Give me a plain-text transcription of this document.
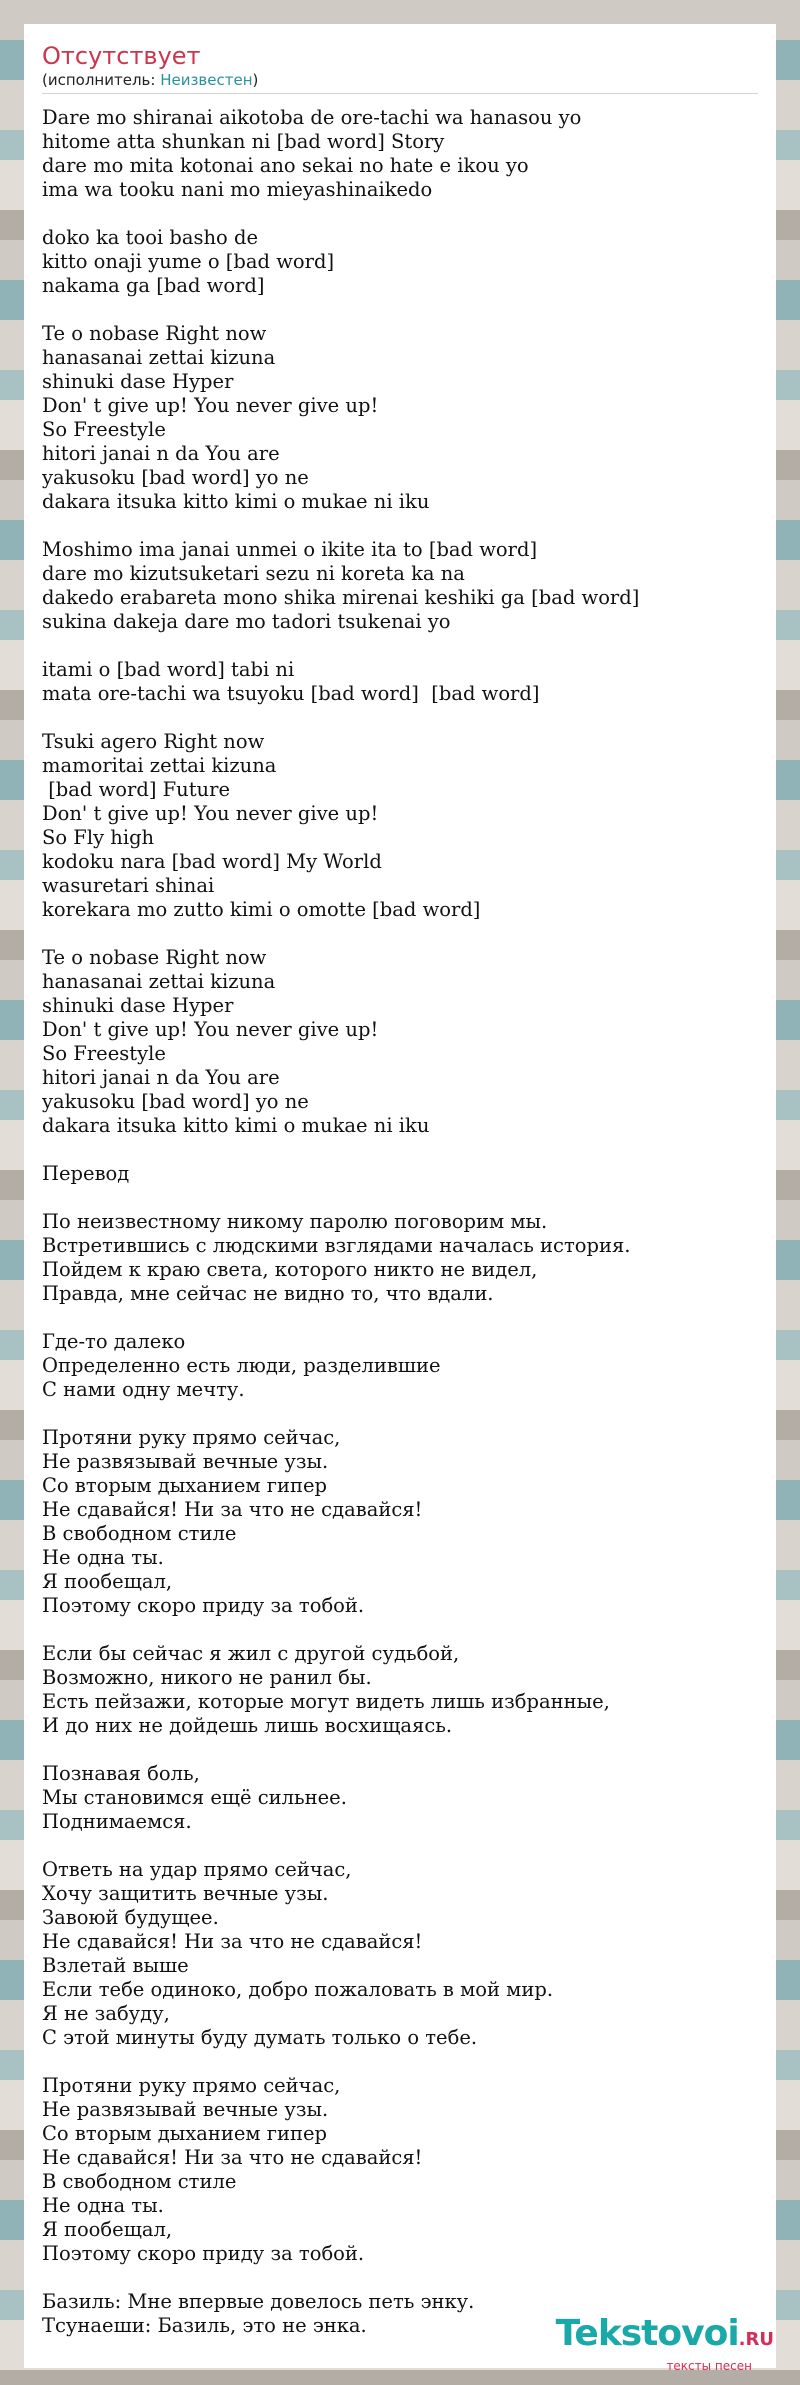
Отсутствует
(исполнитель: Неизвестен)
Dare mo shiranai aikotoba de ore-tachi wa hanasou yo
hitome atta shunkan ni [bad word] Story
dare mo mita kotonai ano sekai no hate e ikou yo
ima wa tooku nani mo mieyashinaikedo
doko ka tooi basho de
kitto onaji yume o [bad word]
nakama ga [bad word]
Te o nobase Right now
hanasanai zettai kizuna
shinuki dase Hyper
Don' t give up! You never give up!
So Freestyle
hitori janai n da You are
yakusoku [bad word] yo ne
dakara itsuka kitto kimi o mukae ni iku
Moshimo ima janai unmei o ikite ita to [bad word]
dare mo kizutsuketari sezu ni koreta ka na
dakedo erabareta mono shika mirenai keshiki ga [bad word]
sukina dakeja dare mo tadori tsukenai yo
itami o [bad word] tabi ni
mata ore-tachi wa tsuyoku [bad word]  [bad word]
Tsuki agero Right now
mamoritai zettai kizuna
[bad word] Future
Don' t give up! You never give up!
So Fly high
kodoku nara [bad word] My World
wasuretari shinai
korekara mo zutto kimi o omotte [bad word]
Te o nobase Right now
hanasanai zettai kizuna
shinuki dase Hyper
Don' t give up! You never give up!
So Freestyle
hitori janai n da You are
yakusoku [bad word] yo ne
dakara itsuka kitto kimi o mukae ni iku
Перевод
По неизвестному никому паролю поговорим мы.
Встретившись с людскими взглядами началась история.
Пойдем к краю света, которого никто не видел,
Правда, мне сейчас не видно то, что вдали.
Где-то далеко
Определенно есть люди, разделившие
С нами одну мечту.
Протяни руку прямо сейчас,
Не развязывай вечные узы.
Со вторым дыханием гипер
Не сдавайся! Ни за что не сдавайся!
В свободном стиле
Не одна ты.
Я пообещал,
Поэтому скоро приду за тобой.
Если бы сейчас я жил с другой судьбой,
Возможно, никого не ранил бы.
Есть пейзажи, которые могут видеть лишь избранные,
И до них не дойдешь лишь восхищаясь.
Познавая боль,
Мы становимся ещё сильнее.
Поднимаемся.
Ответь на удар прямо сейчас,
Хочу защитить вечные узы.
Завоюй будущее.
Не сдавайся! Ни за что не сдавайся!
Взлетай выше
Если тебе одиноко, добро пожаловать в мой мир.
Я не забуду,
С этой минуты буду думать только о тебе.
Протяни руку прямо сейчас,
Не развязывай вечные узы.
Со вторым дыханием гипер
Не сдавайся! Ни за что не сдавайся!
В свободном стиле
Не одна ты.
Я пообещал,
Поэтому скоро приду за тобой.
Базиль: Мне впервые довелось петь энку.
Тсунаеши: Базиль, это не энка.	Tekstovoi.RU
тексты песен
